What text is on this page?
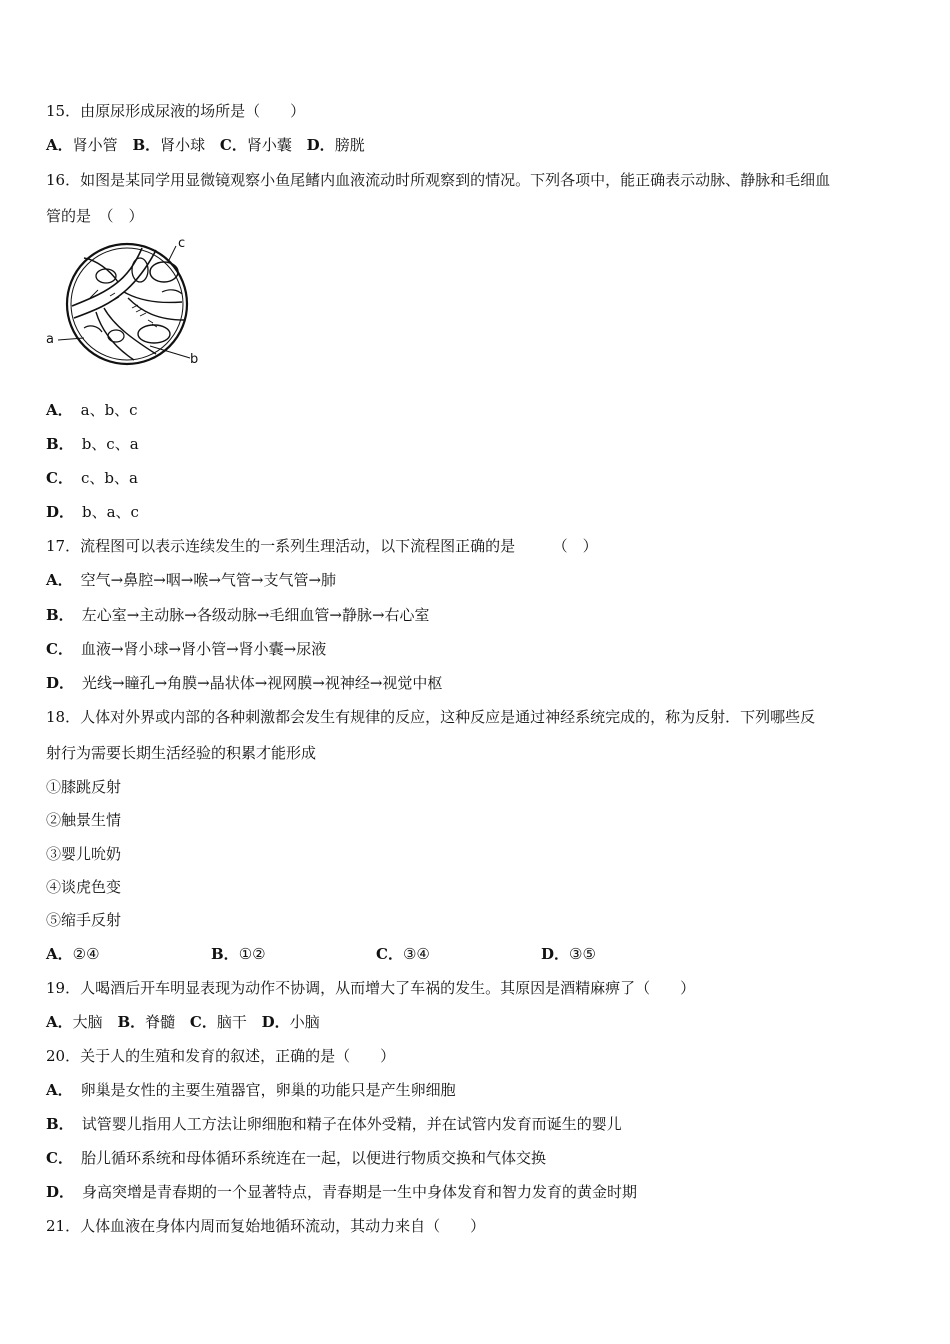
15．由原尿形成尿液的场所是（　　）
A．肾小管 B．肾小球 C．肾小囊 D．膀胱
16．如图是某同学用显微镜观察小鱼尾鳍内血液流动时所观察到的情况。下列各项中，能正确表示动脉、静脉和毛细血
管的是　（　）
a
c
b
A． a、b、c
B． b、c、a
C． c、b、a
D． b、a、c
17．流程图可以表示连续发生的一系列生理活动，以下流程图正确的是　　　（　）
A． 空气→鼻腔→咽→喉→气管→支气管→肺
B． 左心室→主动脉→各级动脉→毛细血管→静脉→右心室
C． 血液→肾小球→肾小管→肾小囊→尿液
D． 光线→瞳孔→角膜→晶状体→视网膜→视神经→视觉中枢
18．人体对外界或内部的各种刺激都会发生有规律的反应，这种反应是通过神经系统完成的，称为反射．下列哪些反
射行为需要长期生活经验的积累才能形成
①膝跳反射
②触景生情
③婴儿吮奶
④谈虎色变
⑤缩手反射
A．②④	B．①②	C．③④	D．③⑤
19．人喝酒后开车明显表现为动作不协调，从而增大了车祸的发生。其原因是酒精麻痹了（　　）
A．大脑 B．脊髓 C．脑干 D．小脑
20．关于人的生殖和发育的叙述，正确的是（　　）
A． 卵巢是女性的主要生殖器官，卵巢的功能只是产生卵细胞
B． 试管婴儿指用人工方法让卵细胞和精子在体外受精，并在试管内发育而诞生的婴儿
C． 胎儿循环系统和母体循环系统连在一起，以便进行物质交换和气体交换
D． 身高突增是青春期的一个显著特点，青春期是一生中身体发育和智力发育的黄金时期
21．人体血液在身体内周而复始地循环流动，其动力来自（　　）
